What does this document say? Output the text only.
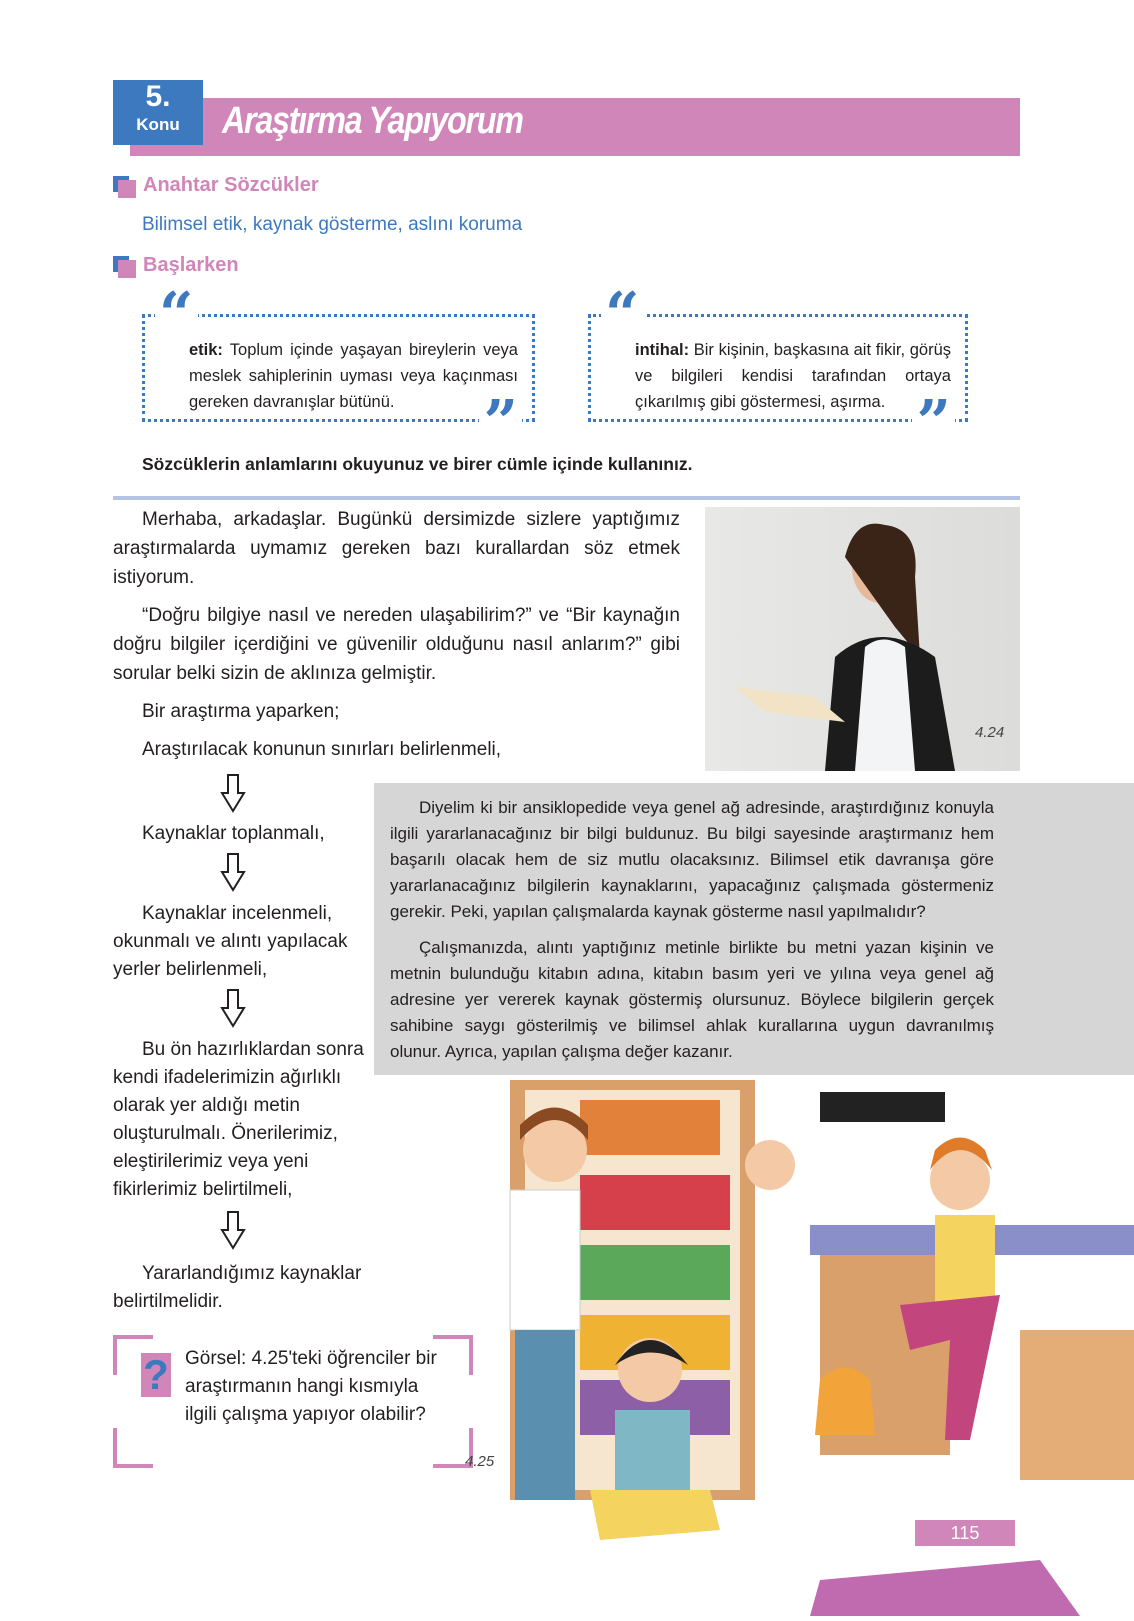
5.
Konu	Araştırma Yapıyorum
Anahtar Sözcükler
Bilimsel etik, kaynak gösterme, aslını koruma
Başlarken
“
”
etik: Toplum içinde yaşayan bireylerin veya meslek sahiplerinin uyması veya kaçınması gereken davranışlar bütünü.
“
”
intihal: Bir kişinin, başkasına ait fikir, görüş ve bilgileri kendisi tarafından ortaya çıkarılmış gibi göstermesi, aşırma.
Sözcüklerin anlamlarını okuyunuz ve birer cümle içinde kullanınız.

Merhaba, arkadaşlar. Bugünkü dersimizde sizlere yaptığımız araştırmalarda uymamız gereken bazı kurallardan söz etmek istiyorum.

“Doğru bilgiye nasıl ve nereden ulaşabilirim?” ve “Bir kaynağın doğru bilgiler içerdiğini ve güvenilir olduğunu nasıl anlarım?” gibi sorular belki sizin de aklınıza gelmiştir.

Bir araştırma yaparken;

Araştırılacak konunun sınırları belirlenmeli,

4.24

Kaynaklar toplanmalı,

Kaynaklar incelenmeli, okunmalı ve alıntı yapılacak yerler belirlenmeli,

Bu ön hazırlıklardan sonra kendi ifadelerimizin ağırlıklı olarak yer aldığı metin oluşturulmalı. Önerilerimiz, eleştirilerimiz veya yeni fikirlerimiz belirtilmeli,

Yararlandığımız kaynaklar belirtilmelidir.

Diyelim ki bir ansiklopedide veya genel ağ adresinde, araştırdığınız konuyla ilgili yararlanacağınız bir bilgi buldunuz. Bu bilgi sayesinde araştırmanız hem başarılı olacak hem de siz mutlu olacaksınız. Bilimsel etik davranışa göre yararlanacağınız bilgilerin kaynaklarını, yapacağınız çalışmada göstermeniz gerekir. Peki, yapılan çalışmalarda kaynak gösterme nasıl yapılmalıdır?

Çalışmanızda, alıntı yaptığınız metinle birlikte bu metni yazan kişinin ve metnin bulunduğu kitabın adına, kitabın basım yeri ve yılına veya genel ağ adresine yer vererek kaynak göstermiş olursunuz. Böylece bilgilerin gerçek sahibine saygı gösterilmiş ve bilimsel ahlak kurallarına uygun davranılmış olunur. Ayrıca, yapılan çalışma değer kazanır.

? Görsel: 4.25'teki öğrenciler bir araştırmanın hangi kısmıyla ilgili çalışma yapıyor olabilir?
4.25
115
